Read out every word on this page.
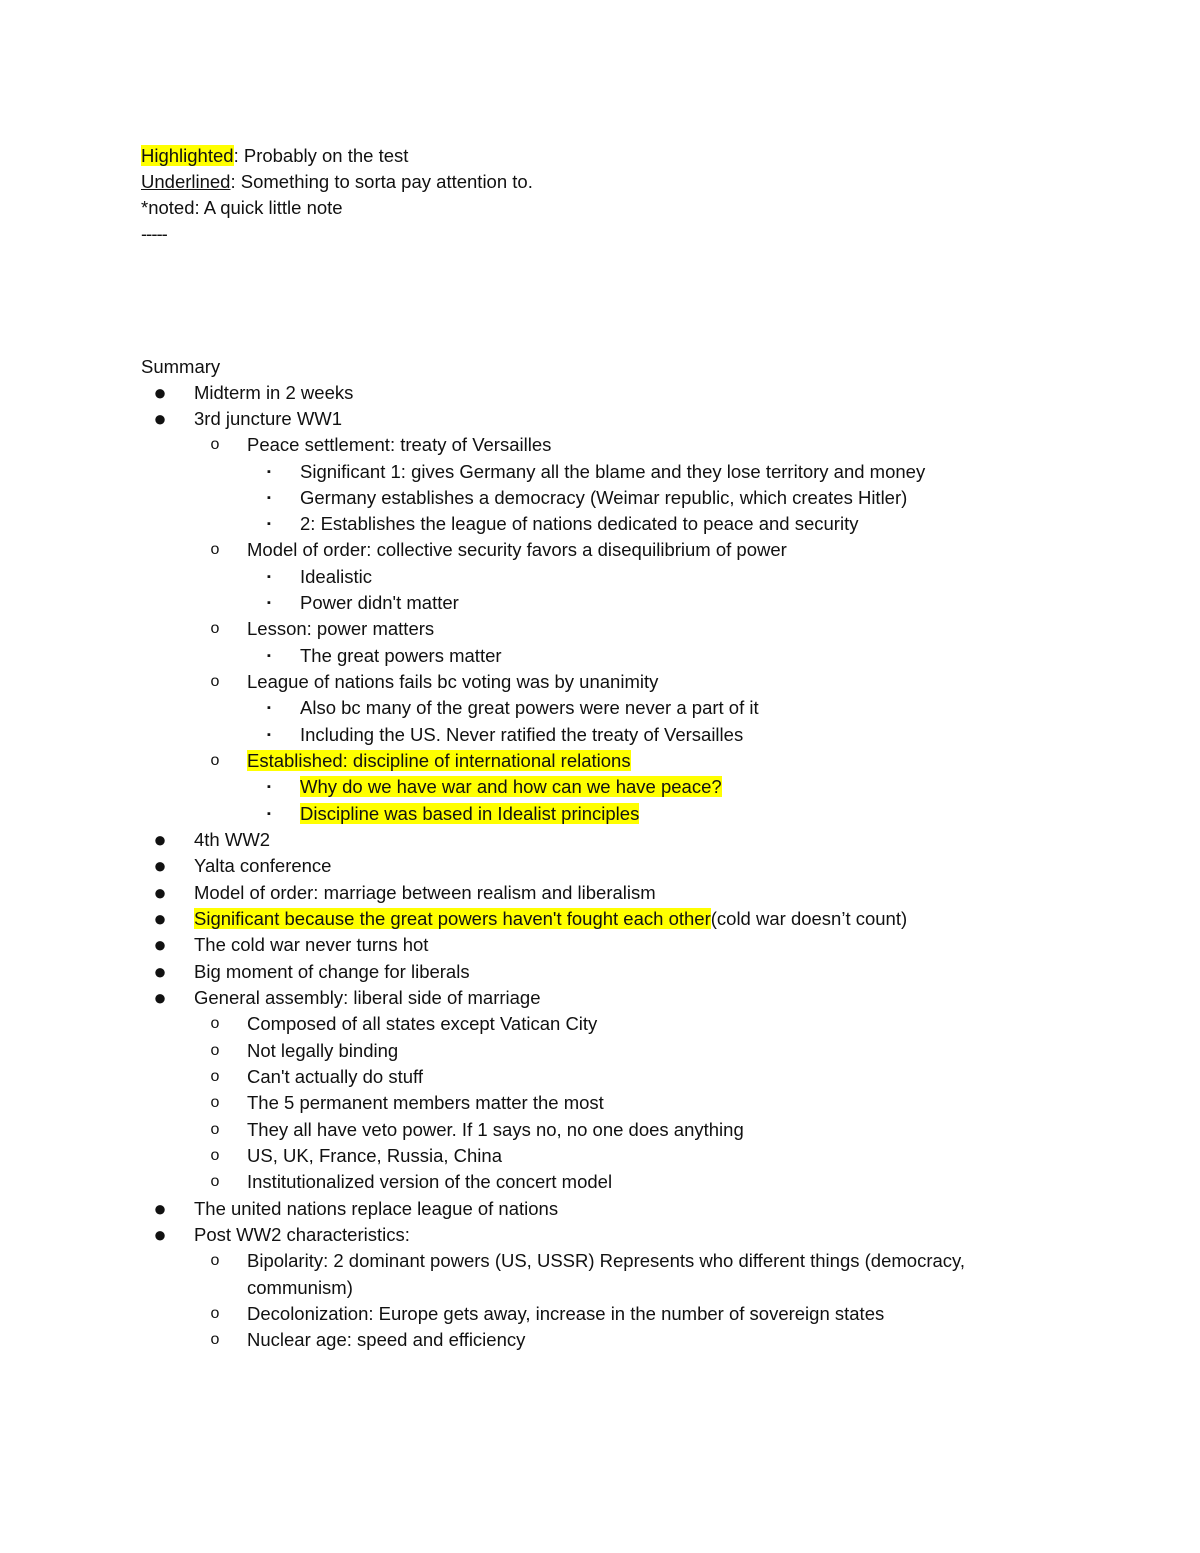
Highlighted: Probably on the test
Underlined: Something to sorta pay attention to.
*noted: A quick little note
-----
Summary
● Midterm in 2 weeks
● 3rd juncture WW1
o Peace settlement: treaty of Versailles
▪	Significant 1: gives Germany all the blame and they lose territory and money
▪	Germany establishes a democracy (Weimar republic, which creates Hitler)
▪	2: Establishes the league of nations dedicated to peace and security
o Model of order: collective security favors a disequilibrium of power
▪	Idealistic
▪	Power didn't matter
o Lesson: power matters
▪	The great powers matter
o League of nations fails bc voting was by unanimity
▪	Also bc many of the great powers were never a part of it
▪	Including the US. Never ratified the treaty of Versailles
o Established: discipline of international relations
▪	Why do we have war and how can we have peace?
▪	Discipline was based in Idealist principles
● 4th WW2
● Yalta conference
● Model of order: marriage between realism and liberalism
● Significant because the great powers haven't fought each other(cold war doesn’t count)
● The cold war never turns hot
● Big moment of change for liberals
● General assembly: liberal side of marriage
o Composed of all states except Vatican City
o Not legally binding
o Can't actually do stuff
o The 5 permanent members matter the most
o They all have veto power. If 1 says no, no one does anything
o US, UK, France, Russia, China
o Institutionalized version of the concert model
● The united nations replace league of nations
● Post WW2 characteristics:
o Bipolarity: 2 dominant powers (US, USSR) Represents who different things (democracy,
communism)
o Decolonization: Europe gets away, increase in the number of sovereign states
o Nuclear age: speed and efficiency
